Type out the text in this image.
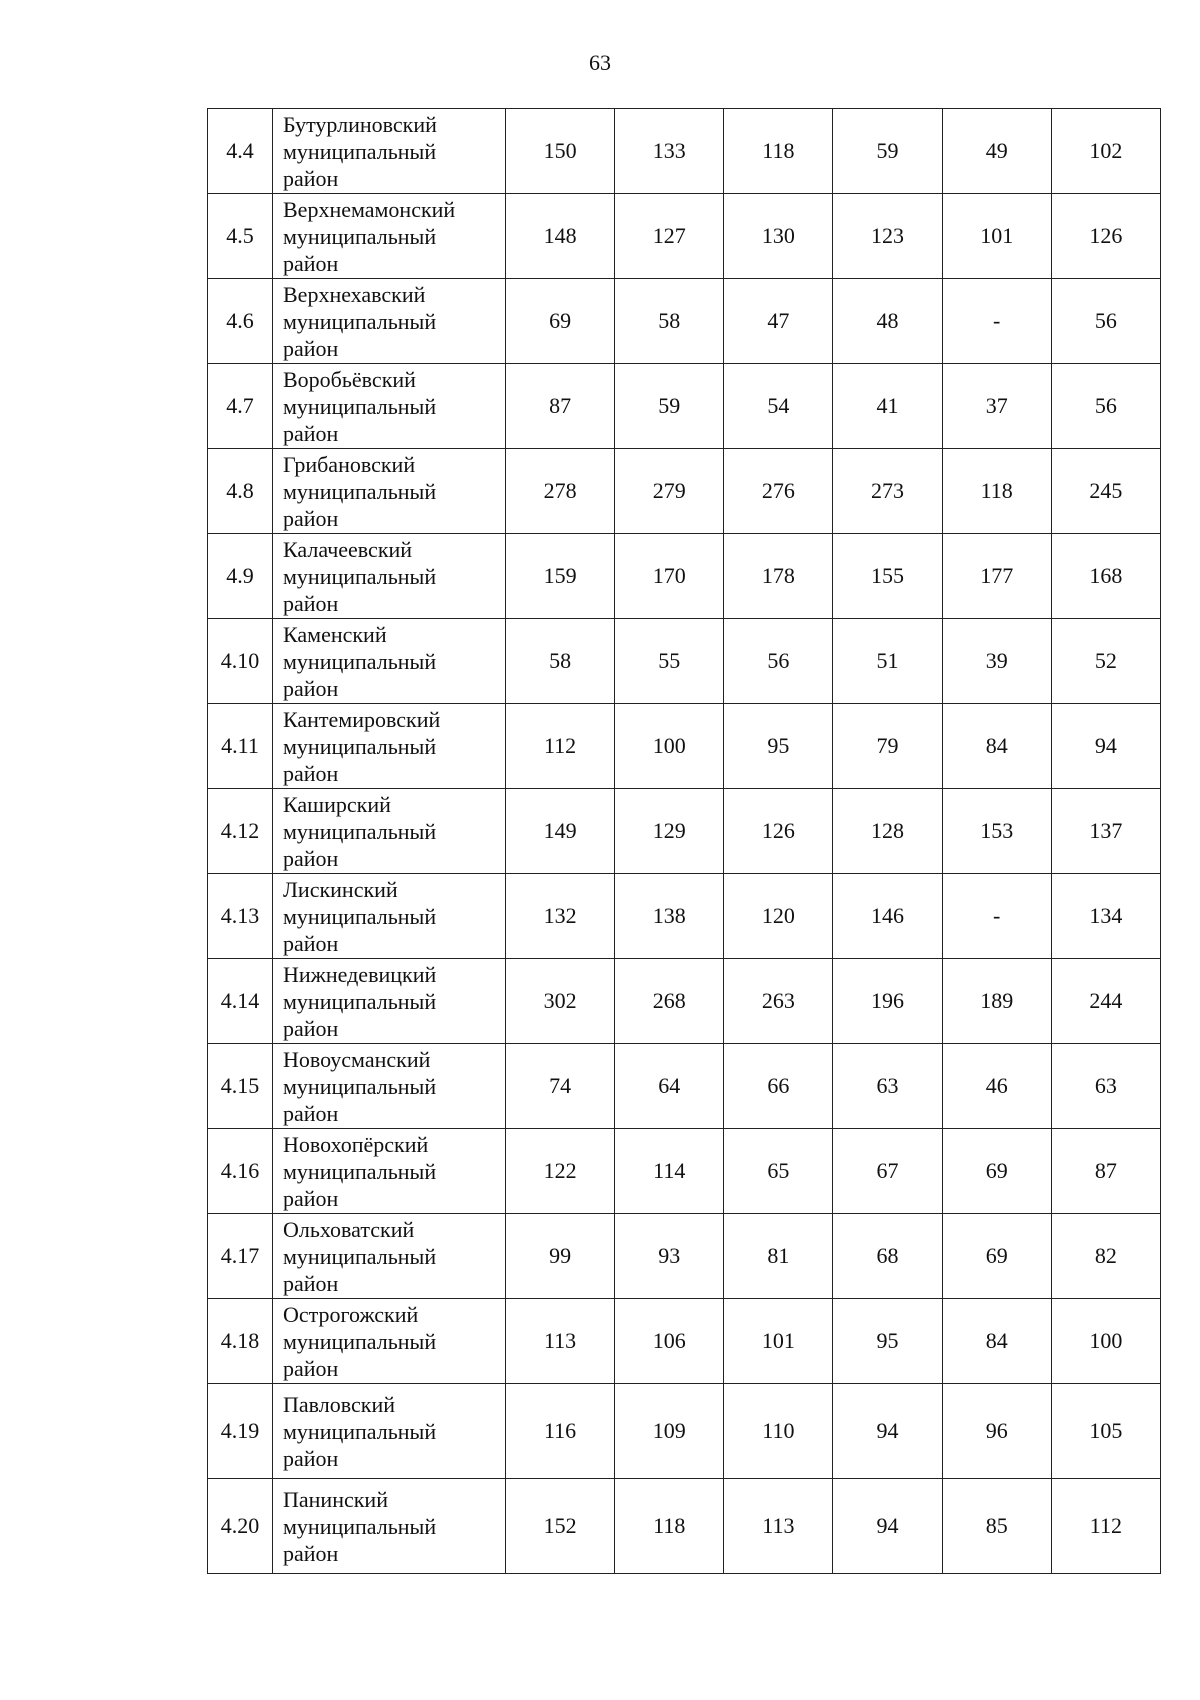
63
4.4	Бутурлиновский
муниципальный
район	150	133	118	59	49	102
4.5	Верхнемамонский
муниципальный
район	148	127	130	123	101	126
4.6	Верхнехавский
муниципальный
район	69	58	47	48	-	56
4.7	Воробьёвский
муниципальный
район	87	59	54	41	37	56
4.8	Грибановский
муниципальный
район	278	279	276	273	118	245
4.9	Калачеевский
муниципальный
район	159	170	178	155	177	168
4.10	Каменский
муниципальный
район	58	55	56	51	39	52
4.11	Кантемировский
муниципальный
район	112	100	95	79	84	94
4.12	Каширский
муниципальный
район	149	129	126	128	153	137
4.13	Лискинский
муниципальный
район	132	138	120	146	-	134
4.14	Нижнедевицкий
муниципальный
район	302	268	263	196	189	244
4.15	Новоусманский
муниципальный
район	74	64	66	63	46	63
4.16	Новохопёрский
муниципальный
район	122	114	65	67	69	87
4.17	Ольховатский
муниципальный
район	99	93	81	68	69	82
4.18	Острогожский
муниципальный
район	113	106	101	95	84	100
4.19	Павловский
муниципальный
район	116	109	110	94	96	105
4.20	Панинский
муниципальный
район	152	118	113	94	85	112
